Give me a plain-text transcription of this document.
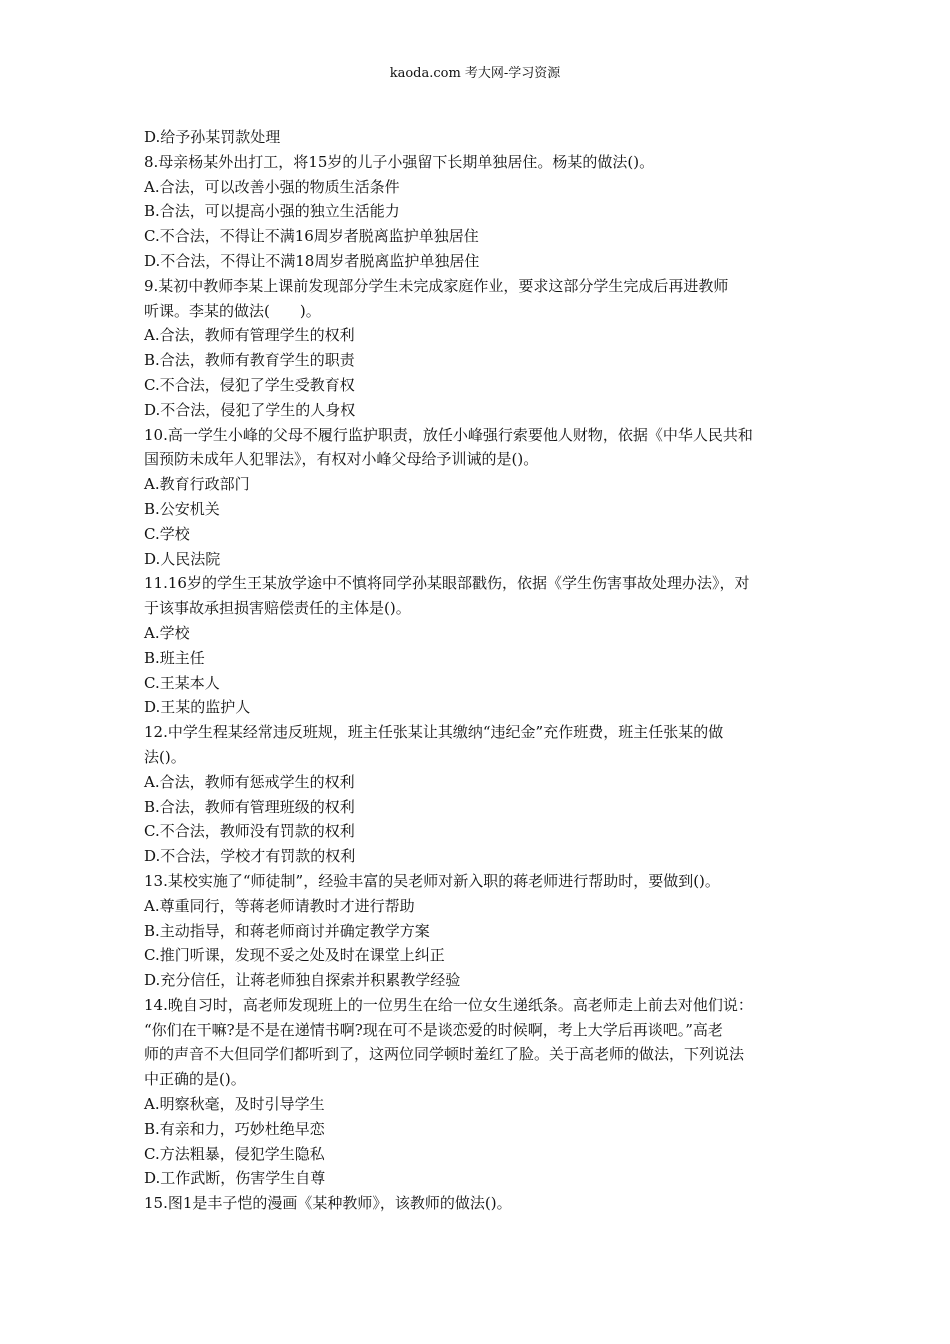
kaoda.com 考大网-学习资源
D.给予孙某罚款处理
8.母亲杨某外出打工，将15岁的儿子小强留下长期单独居住。杨某的做法()。
A.合法，可以改善小强的物质生活条件
B.合法，可以提高小强的独立生活能力
C.不合法，不得让不满16周岁者脱离监护单独居住
D.不合法，不得让不满18周岁者脱离监护单独居住
9.某初中教师李某上课前发现部分学生未完成家庭作业，要求这部分学生完成后再进教师
听课。李某的做法(　　)。
A.合法，教师有管理学生的权利
B.合法，教师有教育学生的职责
C.不合法，侵犯了学生受教育权
D.不合法，侵犯了学生的人身权
10.高一学生小峰的父母不履行监护职责，放任小峰强行索要他人财物，依据《中华人民共和
国预防未成年人犯罪法》，有权对小峰父母给予训诫的是()。
A.教育行政部门
B.公安机关
C.学校
D.人民法院
11.16岁的学生王某放学途中不慎将同学孙某眼部戳伤，依据《学生伤害事故处理办法》，对
于该事故承担损害赔偿责任的主体是()。
A.学校
B.班主任
C.王某本人
D.王某的监护人
12.中学生程某经常违反班规，班主任张某让其缴纳“违纪金”充作班费，班主任张某的做
法()。
A.合法，教师有惩戒学生的权利
B.合法，教师有管理班级的权利
C.不合法，教师没有罚款的权利
D.不合法，学校才有罚款的权利
13.某校实施了“师徒制”，经验丰富的吴老师对新入职的蒋老师进行帮助时，要做到()。
A.尊重同行，等蒋老师请教时才进行帮助
B.主动指导，和蒋老师商讨并确定教学方案
C.推门听课，发现不妥之处及时在课堂上纠正
D.充分信任，让蒋老师独自探索并积累教学经验
14.晚自习时，高老师发现班上的一位男生在给一位女生递纸条。高老师走上前去对他们说：
“你们在干嘛?是不是在递情书啊?现在可不是谈恋爱的时候啊，考上大学后再谈吧。”高老
师的声音不大但同学们都听到了，这两位同学顿时羞红了脸。关于高老师的做法，下列说法
中正确的是()。
A.明察秋毫，及时引导学生
B.有亲和力，巧妙杜绝早恋
C.方法粗暴，侵犯学生隐私
D.工作武断，伤害学生自尊
15.图1是丰子恺的漫画《某种教师》，该教师的做法()。
